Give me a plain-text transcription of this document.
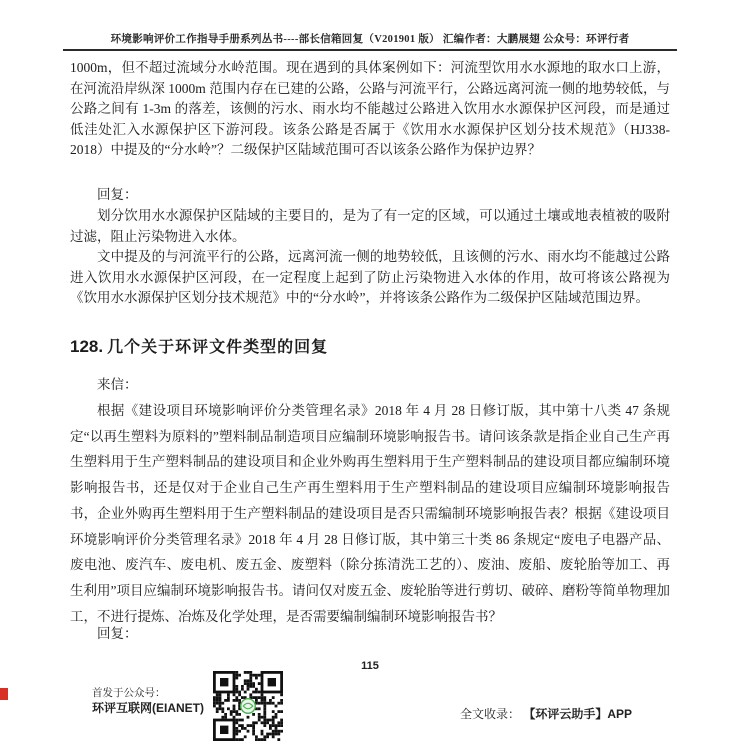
环境影响评价工作指导手册系列丛书----部长信箱回复（V201901 版） 汇编作者：大鹏展翅 公众号：环评行者
1000m，但不超过流域分水岭范围。现在遇到的具体案例如下：河流型饮用水水源地的取水口上游，在河流沿岸纵深 1000m 范围内存在已建的公路，公路与河流平行，公路远离河流一侧的地势较低，与公路之间有 1-3m 的落差，该侧的污水、雨水均不能越过公路进入饮用水水源保护区河段，而是通过低洼处汇入水源保护区下游河段。该条公路是否属于《饮用水水源保护区划分技术规范》（HJ338-2018）中提及的“分水岭”？二级保护区陆域范围可否以该条公路作为保护边界？
回复：
划分饮用水水源保护区陆域的主要目的，是为了有一定的区域，可以通过土壤或地表植被的吸附过滤，阻止污染物进入水体。
文中提及的与河流平行的公路，远离河流一侧的地势较低，且该侧的污水、雨水均不能越过公路进入饮用水水源保护区河段，在一定程度上起到了防止污染物进入水体的作用，故可将该公路视为《饮用水水源保护区划分技术规范》中的“分水岭”，并将该条公路作为二级保护区陆域范围边界。
128. 几个关于环评文件类型的回复
来信：
根据《建设项目环境影响评价分类管理名录》2018 年 4 月 28 日修订版，其中第十八类 47 条规定“以再生塑料为原料的”塑料制品制造项目应编制环境影响报告书。请问该条款是指企业自己生产再生塑料用于生产塑料制品的建设项目和企业外购再生塑料用于生产塑料制品的建设项目都应编制环境影响报告书，还是仅对于企业自己生产再生塑料用于生产塑料制品的建设项目应编制环境影响报告书，企业外购再生塑料用于生产塑料制品的建设项目是否只需编制环境影响报告表？根据《建设项目环境影响评价分类管理名录》2018 年 4 月 28 日修订版，其中第三十类 86 条规定“废电子电器产品、废电池、废汽车、废电机、废五金、废塑料（除分拣清洗工艺的）、废油、废船、废轮胎等加工、再生利用”项目应编制环境影响报告书。请问仅对废五金、废轮胎等进行剪切、破碎、磨粉等简单物理加工，不进行提炼、冶炼及化学处理，是否需要编制编制环境影响报告书？
回复：
115
首发于公众号：
环评互联网(EIANET)	全文收录： 【环评云助手】APP
